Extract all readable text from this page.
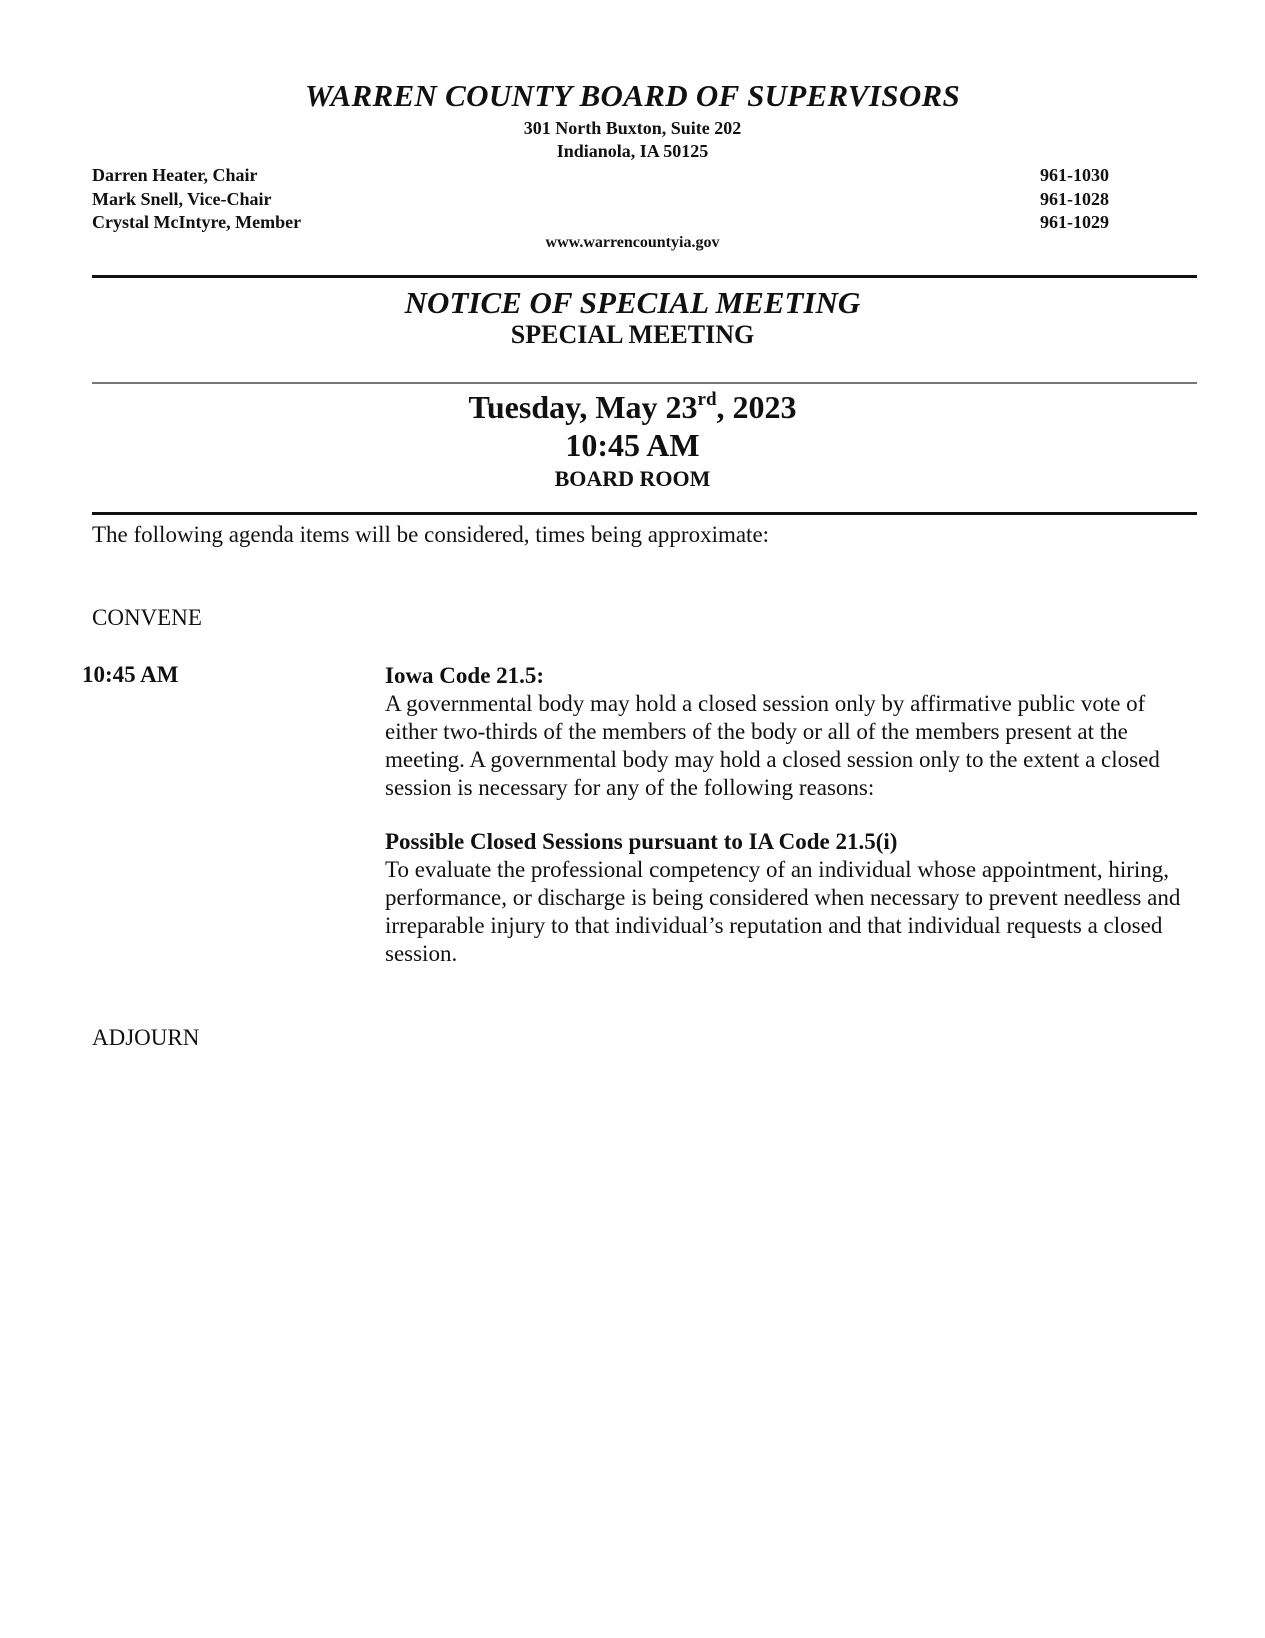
WARREN COUNTY BOARD OF SUPERVISORS
301 North Buxton, Suite 202
Indianola, IA 50125
Darren Heater, Chair
Mark Snell, Vice-Chair
Crystal McIntyre, Member
961-1030
961-1028
961-1029
www.warrencountyia.gov
NOTICE OF SPECIAL MEETING
SPECIAL MEETING
Tuesday, May 23rd, 2023
10:45 AM
BOARD ROOM
The following agenda items will be considered, times being approximate:
CONVENE
10:45 AM	Iowa Code 21.5:
A governmental body may hold a closed session only by affirmative public vote of either two-thirds of the members of the body or all of the members present at the meeting. A governmental body may hold a closed session only to the extent a closed session is necessary for any of the following reasons:
Possible Closed Sessions pursuant to IA Code 21.5(i)
To evaluate the professional competency of an individual whose appointment, hiring, performance, or discharge is being considered when necessary to prevent needless and irreparable injury to that individual’s reputation and that individual requests a closed session.
ADJOURN
